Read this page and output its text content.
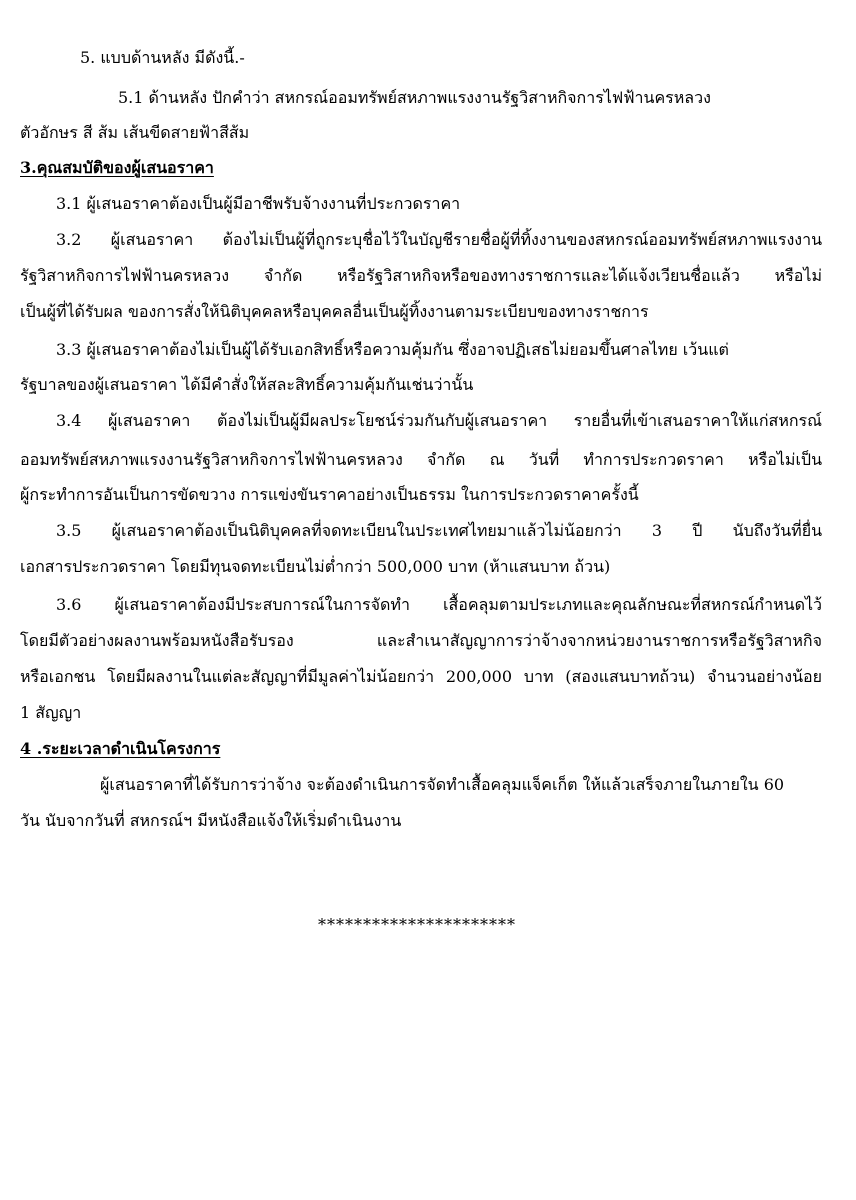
5. แบบด้านหลัง มีดังนี้.-

5.1 ด้านหลัง ปักคำว่า สหกรณ์ออมทรัพย์สหภาพแรงงานรัฐวิสาหกิจการไฟฟ้านครหลวง

ตัวอักษร สี ส้ม เส้นขีดสายฟ้าสีส้ม

3.คุณสมบัติของผู้เสนอราคา

3.1 ผู้เสนอราคาต้องเป็นผู้มีอาชีพรับจ้างงานที่ประกวดราคา

3.2 ผู้เสนอราคา ต้องไม่เป็นผู้ที่ถูกระบุชื่อไว้ในบัญชีรายชื่อผู้ที่ทิ้งงานของสหกรณ์ออมทรัพย์สหภาพแรงงาน

รัฐวิสาหกิจการไฟฟ้านครหลวง จำกัด หรือรัฐวิสาหกิจหรือของทางราชการและได้แจ้งเวียนชื่อแล้ว หรือไม่

เป็นผู้ที่ได้รับผล ของการสั่งให้นิติบุคคลหรือบุคคลอื่นเป็นผู้ทิ้งงานตามระเบียบของทางราชการ

3.3 ผู้เสนอราคาต้องไม่เป็นผู้ได้รับเอกสิทธิ์หรือความคุ้มกัน ซึ่งอาจปฏิเสธไม่ยอมขึ้นศาลไทย เว้นแต่

รัฐบาลของผู้เสนอราคา ได้มีคำสั่งให้สละสิทธิ์ความคุ้มกันเช่นว่านั้น

3.4 ผู้เสนอราคา ต้องไม่เป็นผู้มีผลประโยชน์ร่วมกันกับผู้เสนอราคา รายอื่นที่เข้าเสนอราคาให้แก่สหกรณ์

ออมทรัพย์สหภาพแรงงานรัฐวิสาหกิจการไฟฟ้านครหลวง จำกัด ณ วันที่ ทำการประกวดราคา หรือไม่เป็น

ผู้กระทำการอันเป็นการขัดขวาง การแข่งขันราคาอย่างเป็นธรรม ในการประกวดราคาครั้งนี้

3.5 ผู้เสนอราคาต้องเป็นนิติบุคคลที่จดทะเบียนในประเทศไทยมาแล้วไม่น้อยกว่า 3 ปี นับถึงวันที่ยื่น

เอกสารประกวดราคา โดยมีทุนจดทะเบียนไม่ต่ำกว่า 500,000 บาท (ห้าแสนบาท ถ้วน)

3.6 ผู้เสนอราคาต้องมีประสบการณ์ในการจัดทำ เสื้อคลุมตามประเภทและคุณลักษณะที่สหกรณ์กำหนดไว้

โดยมีตัวอย่างผลงานพร้อมหนังสือรับรอง และสำเนาสัญญาการว่าจ้างจากหน่วยงานราชการหรือรัฐวิสาหกิจ

หรือเอกชน โดยมีผลงานในแต่ละสัญญาที่มีมูลค่าไม่น้อยกว่า 200,000 บาท (สองแสนบาทถ้วน) จำนวนอย่างน้อย

1 สัญญา

4 .ระยะเวลาดำเนินโครงการ

ผู้เสนอราคาที่ได้รับการว่าจ้าง จะต้องดำเนินการจัดทำเสื้อคลุมแจ็คเก็ต ให้แล้วเสร็จภายในภายใน 60

วัน นับจากวันที่ สหกรณ์ฯ มีหนังสือแจ้งให้เริ่มดำเนินงาน

**********************
